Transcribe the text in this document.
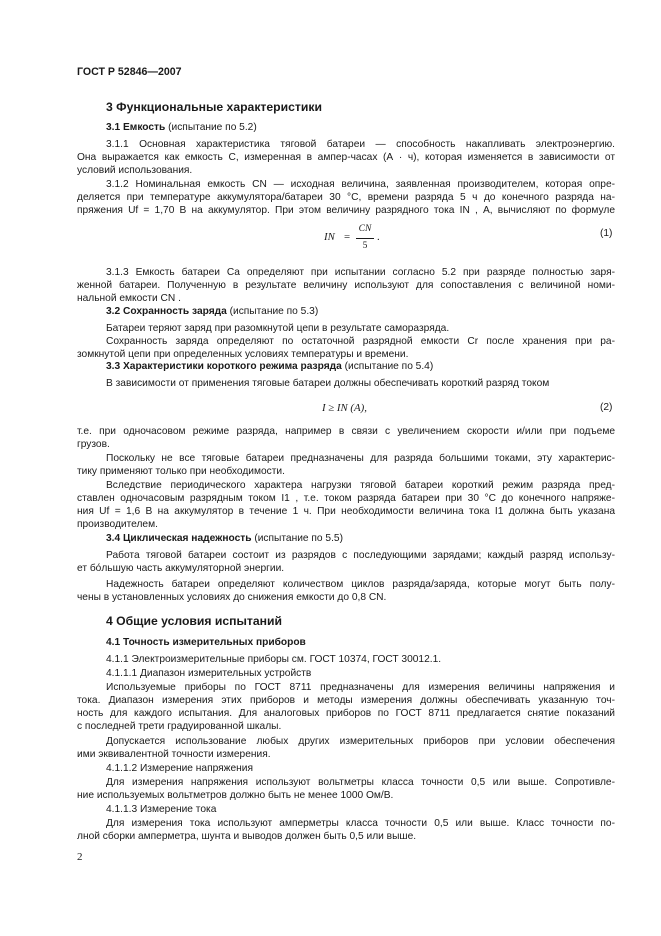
ГОСТ Р 52846—2007
3 Функциональные характеристики
3.1 Емкость (испытание по 5.2)
3.1.1 Основная характеристика тяговой батареи — способность накапливать электроэнергию.
Она выражается как емкость C, измеренная в ампер-часах (А · ч), которая изменяется в зависимости от
условий использования.
3.1.2 Номинальная емкость CN — исходная величина, заявленная производителем, которая опре-
деляется при температуре аккумулятора/батареи 30 °С, времени разряда 5 ч до конечного разряда на-
пряжения Uf = 1,70 В на аккумулятор. При этом величину разрядного тока IN , А, вычисляют по формуле
IN =
CN
5
.	(1)
3.1.3 Емкость батареи Ca определяют при испытании согласно 5.2 при разряде полностью заря-
женной батареи. Полученную в результате величину используют для сопоставления с величиной номи-
нальной емкости CN .
3.2 Сохранность заряда (испытание по 5.3)
Батареи теряют заряд при разомкнутой цепи в результате саморазряда.
Сохранность заряда определяют по остаточной разрядной емкости Cr после хранения при ра-
зомкнутой цепи при определенных условиях температуры и времени.
3.3 Характеристики короткого режима разряда (испытание по 5.4)
В зависимости от применения тяговые батареи должны обеспечивать короткий разряд током
I ≥ IN (A),	(2)
т.е. при одночасовом режиме разряда, например в связи с увеличением скорости и/или при подъеме
грузов.
Поскольку не все тяговые батареи предназначены для разряда большими токами, эту характерис-
тику применяют только при необходимости.
Вследствие периодического характера нагрузки тяговой батареи короткий режим разряда пред-
ставлен одночасовым разрядным током I1 , т.е. током разряда батареи при 30 °С до конечного напряже-
ния Uf = 1,6 В на аккумулятор в течение 1 ч. При необходимости величина тока I1 должна быть указана
производителем.
3.4 Циклическая надежность (испытание по 5.5)
Работа тяговой батареи состоит из разрядов с последующими зарядами; каждый разряд использу-
ет бо́льшую часть аккумуляторной энергии.
Надежность батареи определяют количеством циклов разряда/заряда, которые могут быть полу-
чены в установленных условиях до снижения емкости до 0,8 CN.
4 Общие условия испытаний
4.1 Точность измерительных приборов
4.1.1 Электроизмерительные приборы см. ГОСТ 10374, ГОСТ 30012.1.
4.1.1.1 Диапазон измерительных устройств
Используемые приборы по ГОСТ 8711 предназначены для измерения величины напряжения и
тока. Диапазон измерения этих приборов и методы измерения должны обеспечивать указанную точ-
ность для каждого испытания. Для аналоговых приборов по ГОСТ 8711 предлагается снятие показаний
с последней трети градуированной шкалы.
Допускается использование любых других измерительных приборов при условии обеспечения
ими эквивалентной точности измерения.
4.1.1.2 Измерение напряжения
Для измерения напряжения используют вольтметры класса точности 0,5 или выше. Сопротивле-
ние используемых вольтметров должно быть не менее 1000 Ом/В.
4.1.1.3 Измерение тока
Для измерения тока используют амперметры класса точности 0,5 или выше. Класс точности по-
лной сборки амперметра, шунта и выводов должен быть 0,5 или выше.
2
